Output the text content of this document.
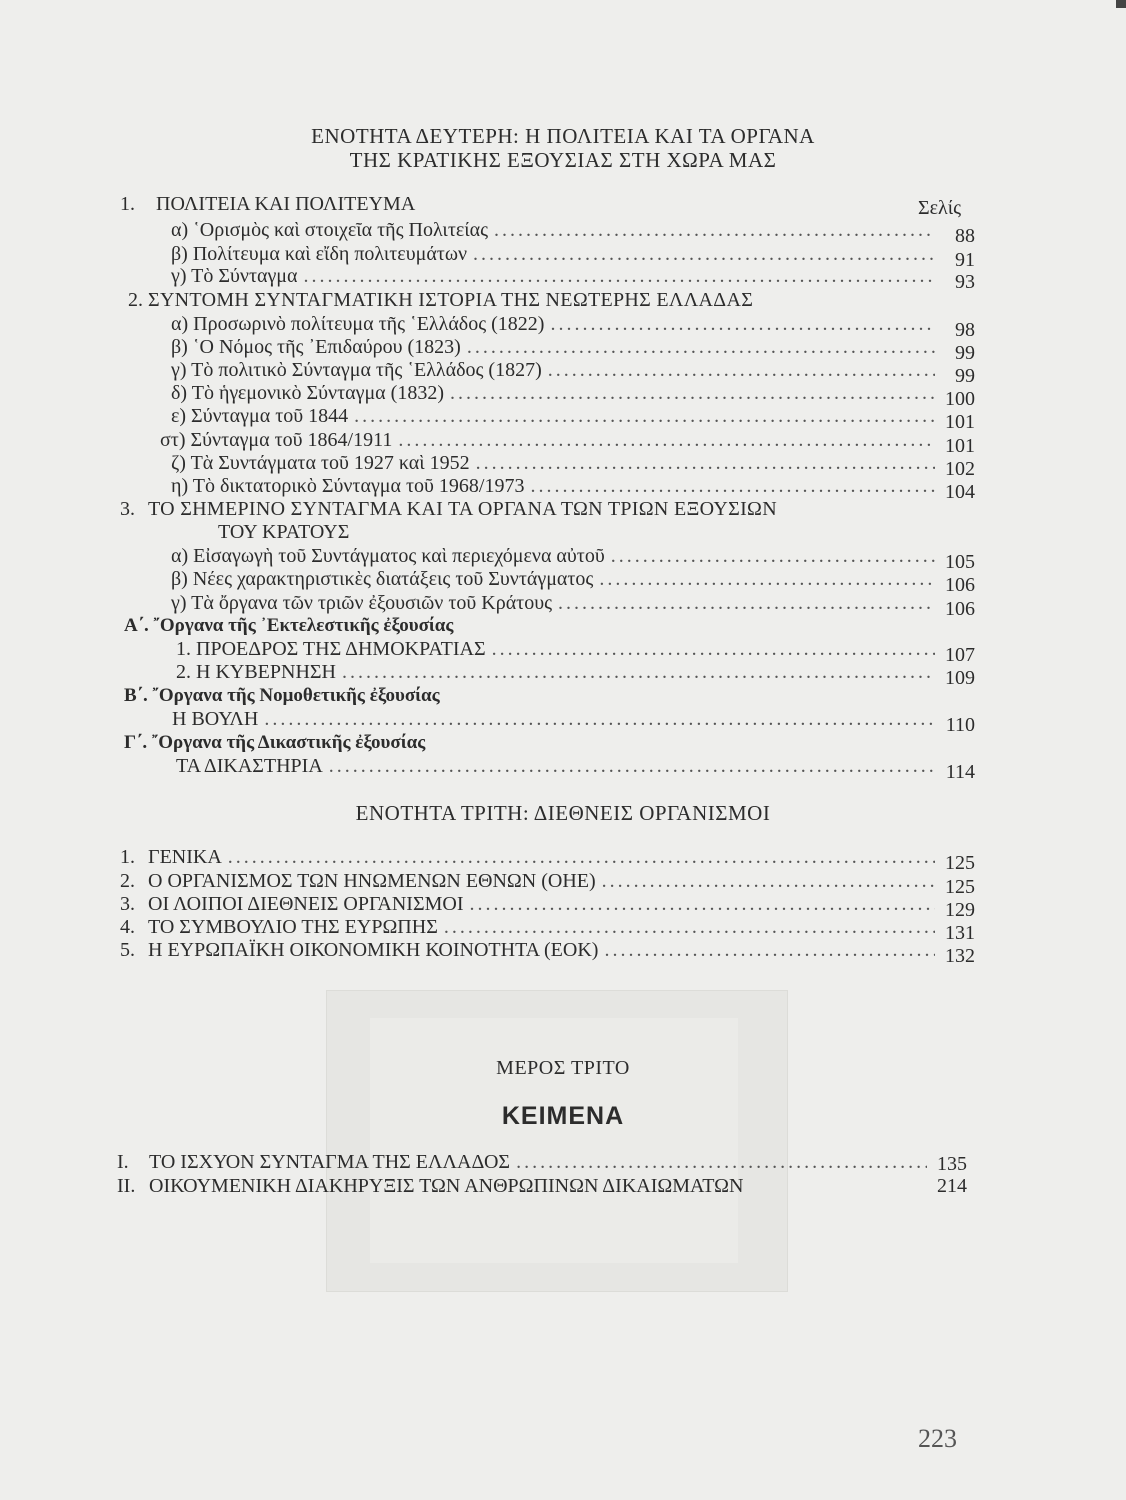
ΕΝΟΤΗΤΑ ΔΕΥΤΕΡΗ: Η ΠΟΛΙΤΕΙΑ ΚΑΙ ΤΑ ΟΡΓΑΝΑ
ΤΗΣ ΚΡΑΤΙΚΗΣ ΕΞΟΥΣΙΑΣ ΣΤΗ ΧΩΡΑ ΜΑΣ
1.	ΠΟΛΙΤΕΙΑ ΚΑΙ ΠΟΛΙΤΕΥΜΑ	Σελίς
α) ῾Ορισμὸς καὶ στοιχεῖα τῆς Πολιτείας .....	88
β) Πολίτευμα καὶ εἴδη πολιτευμάτων .....	91
γ) Τὸ Σύνταγμα .....	93
2. ΣΥΝΤΟΜΗ ΣΥΝΤΑΓΜΑΤΙΚΗ ΙΣΤΟΡΙΑ ΤΗΣ ΝΕΩΤΕΡΗΣ ΕΛΛΑΔΑΣ
α) Προσωρινὸ πολίτευμα τῆς ῾Ελλάδος (1822) .....	98
β) ῾Ο Νόμος τῆς ᾿Επιδαύρου (1823) .....	99
γ) Τὸ πολιτικὸ Σύνταγμα τῆς ῾Ελλάδος (1827) .....	99
δ) Τὸ ἡγεμονικὸ Σύνταγμα (1832) .....	100
ε) Σύνταγμα τοῦ 1844 .....	101
στ) Σύνταγμα τοῦ 1864/1911 .....	101
ζ) Τὰ Συντάγματα τοῦ 1927 καὶ 1952 .....	102
η) Τὸ δικτατορικὸ Σύνταγμα τοῦ 1968/1973 .....	104
3. ΤΟ ΣΗΜΕΡΙΝΟ ΣΥΝΤΑΓΜΑ ΚΑΙ ΤΑ ΟΡΓΑΝΑ ΤΩΝ ΤΡΙΩΝ ΕΞΟΥΣΙΩΝ
ΤΟΥ ΚΡΑΤΟΥΣ
α) Εἰσαγωγὴ τοῦ Συντάγματος καὶ περιεχόμενα αὐτοῦ .....	105
β) Νέες χαρακτηριστικὲς διατάξεις τοῦ Συντάγματος .....	106
γ) Τὰ ὄργανα τῶν τριῶν ἐξουσιῶν τοῦ Κράτους .....	106
Α΄. ῎Οργανα τῆς ᾿Εκτελεστικῆς ἐξουσίας
1. ΠΡΟΕΔΡΟΣ ΤΗΣ ΔΗΜΟΚΡΑΤΙΑΣ .....	107
2. Η ΚΥΒΕΡΝΗΣΗ .....	109
Β΄. ῎Οργανα τῆς Νομοθετικῆς ἐξουσίας
Η ΒΟΥΛΗ .....	110
Γ΄. ῎Οργανα τῆς Δικαστικῆς ἐξουσίας
ΤΑ ΔΙΚΑΣΤΗΡΙΑ .....	114
ΕΝΟΤΗΤΑ ΤΡΙΤΗ: ΔΙΕΘΝΕΙΣ ΟΡΓΑΝΙΣΜΟΙ
1. ΓΕΝΙΚΑ .....	125
2. Ο ΟΡΓΑΝΙΣΜΟΣ ΤΩΝ ΗΝΩΜΕΝΩΝ ΕΘΝΩΝ (ΟΗΕ) .....	125
3. ΟΙ ΛΟΙΠΟΙ ΔΙΕΘΝΕΙΣ ΟΡΓΑΝΙΣΜΟΙ .....	129
4. ΤΟ ΣΥΜΒΟΥΛΙΟ ΤΗΣ ΕΥΡΩΠΗΣ .....	131
5. Η ΕΥΡΩΠΑΪΚΗ ΟΙΚΟΝΟΜΙΚΗ ΚΟΙΝΟΤΗΤΑ (ΕΟΚ) .....	132
ΜΕΡΟΣ ΤΡΙΤΟ
ΚΕΙΜΕΝΑ
I.	ΤΟ ΙΣΧΥΟΝ ΣΥΝΤΑΓΜΑ ΤΗΣ ΕΛΛΑΔΟΣ .....	135
II. ΟΙΚΟΥΜΕΝΙΚΗ ΔΙΑΚΗΡΥΞΙΣ ΤΩΝ ΑΝΘΡΩΠΙΝΩΝ ΔΙΚΑΙΩΜΑΤΩΝ	214
223
